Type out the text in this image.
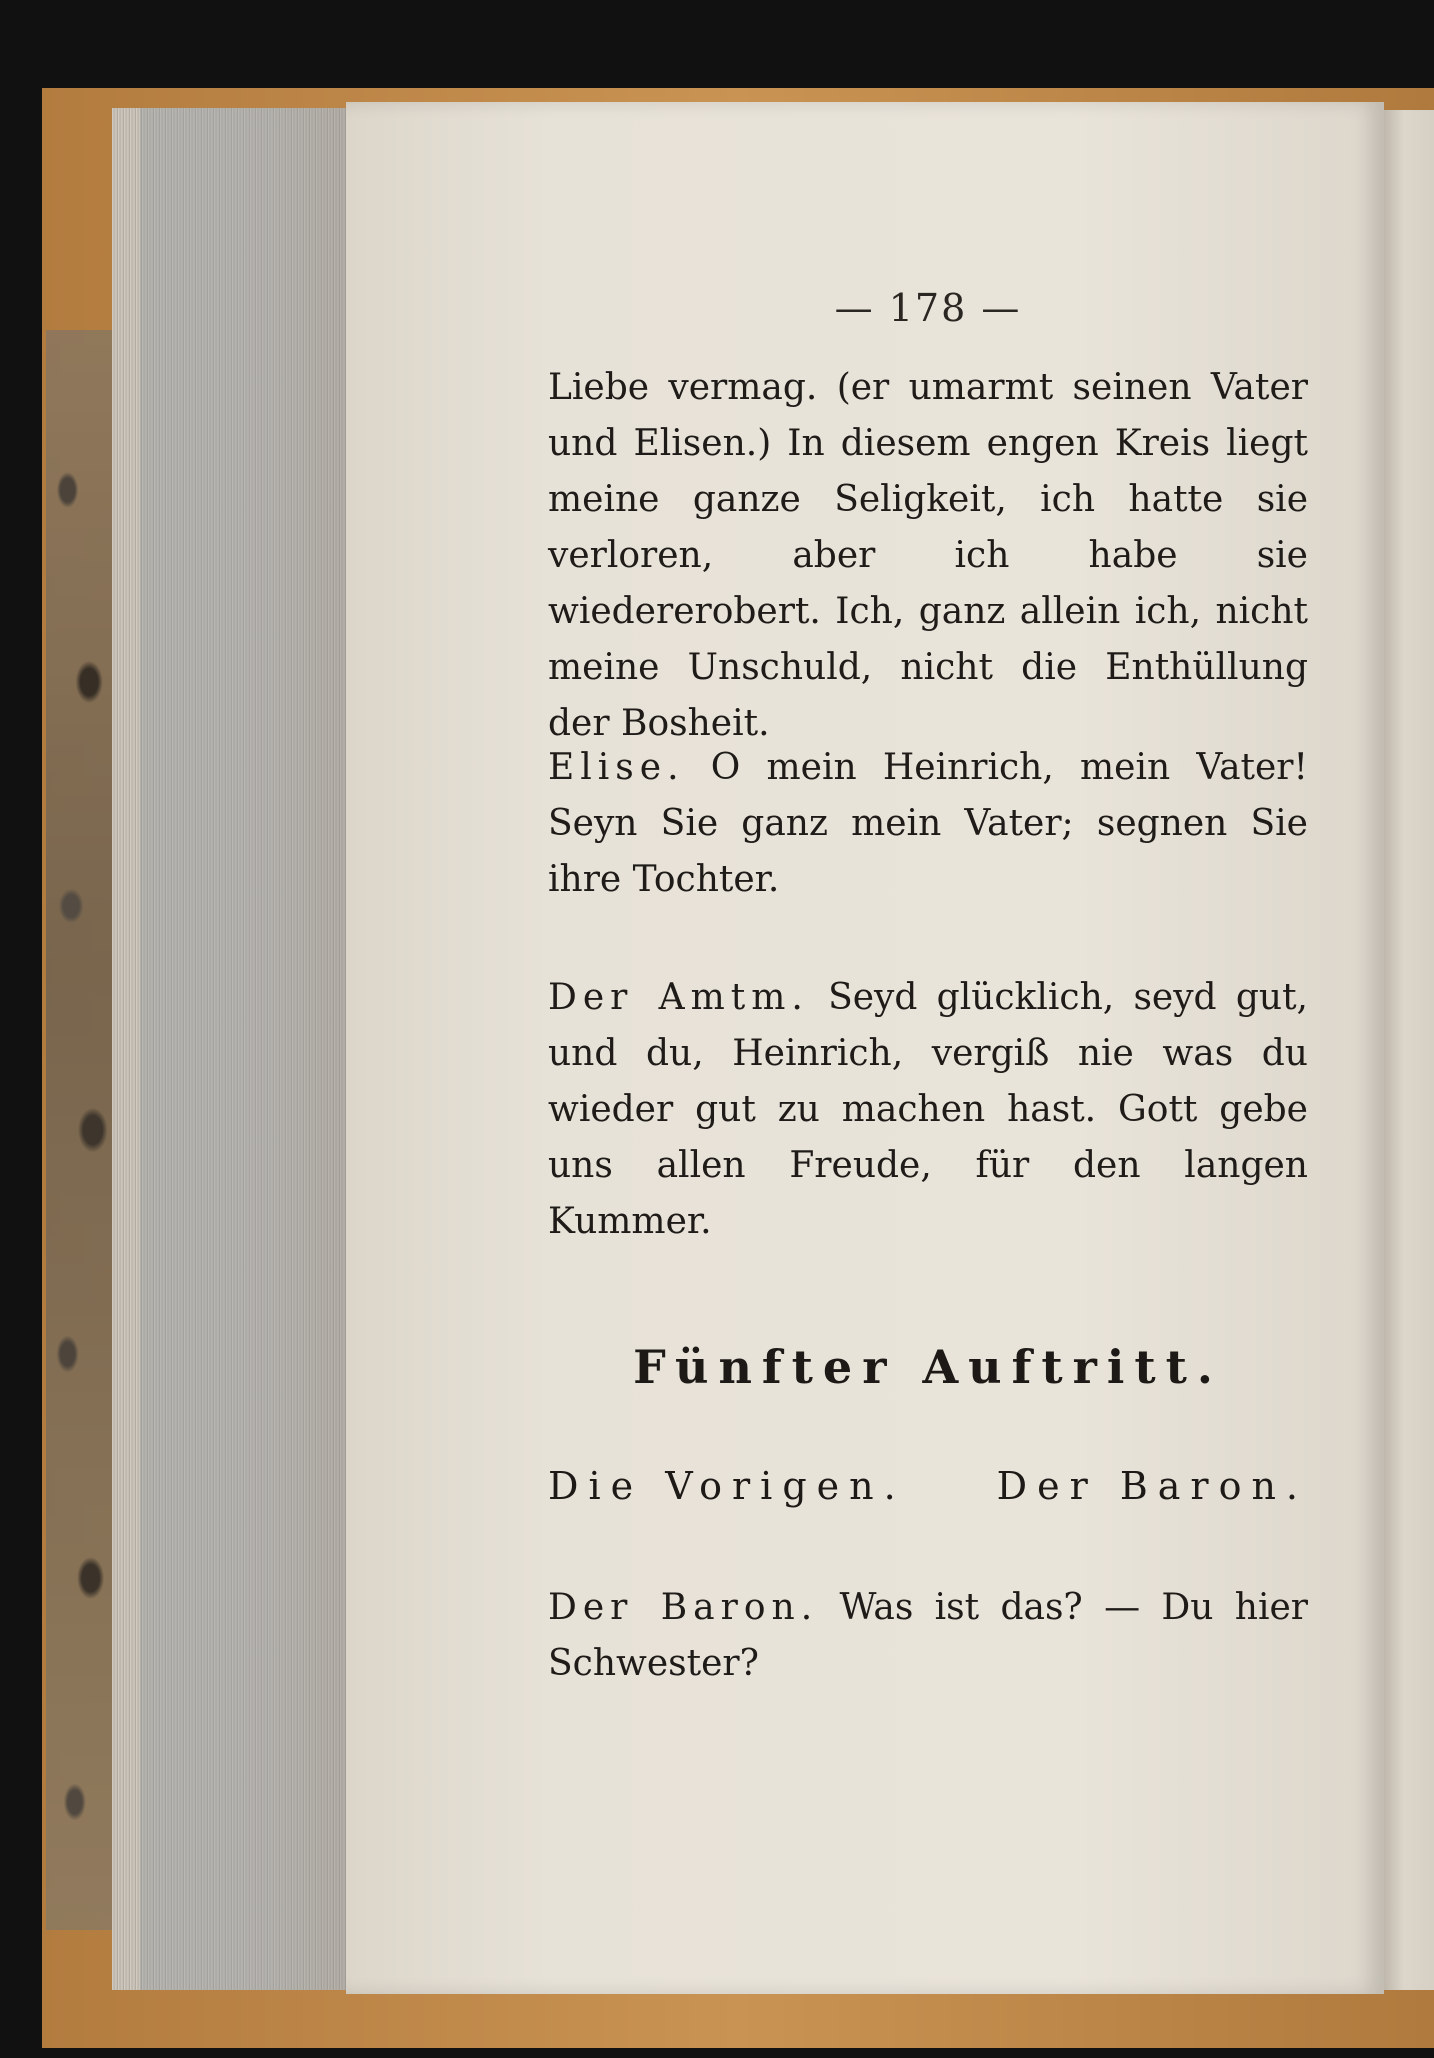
— 178 —
Liebe vermag. (er umarmt seinen Vater und Elisen.) In diesem engen Kreis liegt meine ganze Seligkeit, ich hatte sie verloren, aber ich habe sie wiedererobert. Ich, ganz allein ich, nicht meine Unschuld, nicht die Enthüllung der Bosheit.
Elise. O mein Heinrich, mein Vater! Seyn Sie ganz mein Vater; segnen Sie ihre Tochter.
Der Amtm. Seyd glücklich, seyd gut, und du, Heinrich, vergiß nie was du wieder gut zu machen hast. Gott gebe uns allen Freude, für den langen Kummer.
Fünfter Auftritt.
Die Vorigen. Der Baron.
Der Baron. Was ist das? — Du hier Schwester?
